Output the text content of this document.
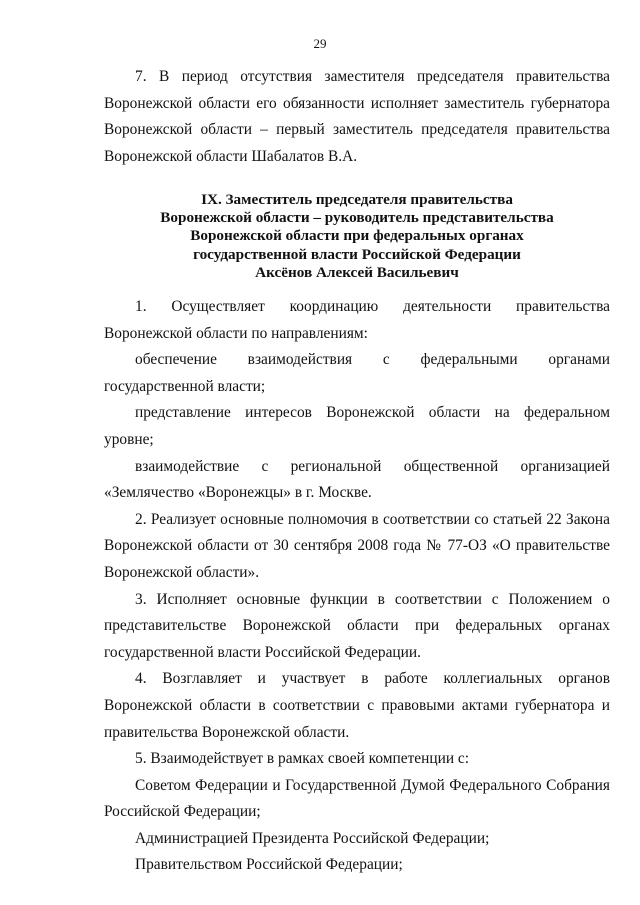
29

7. В период отсутствия заместителя председателя правительства Воронежской области его обязанности исполняет заместитель губернатора Воронежской области – первый заместитель председателя правительства Воронежской области Шабалатов В.А.

IX. Заместитель председателя правительства
Воронежской области – руководитель представительства
Воронежской области при федеральных органах
государственной власти Российской Федерации
Аксёнов Алексей Васильевич

1. Осуществляет координацию деятельности правительства Воронежской области по направлениям:

обеспечение взаимодействия с федеральными органами государственной власти;

представление интересов Воронежской области на федеральном уровне;

взаимодействие с региональной общественной организацией «Землячество «Воронежцы» в г. Москве.

2. Реализует основные полномочия в соответствии со статьей 22 Закона Воронежской области от 30 сентября 2008 года № 77-ОЗ «О правительстве Воронежской области».

3. Исполняет основные функции в соответствии с Положением о представительстве Воронежской области при федеральных органах государственной власти Российской Федерации.

4. Возглавляет и участвует в работе коллегиальных органов Воронежской области в соответствии с правовыми актами губернатора и правительства Воронежской области.

5. Взаимодействует в рамках своей компетенции с:

Советом Федерации и Государственной Думой Федерального Собрания Российской Федерации;

Администрацией Президента Российской Федерации;

Правительством Российской Федерации;
